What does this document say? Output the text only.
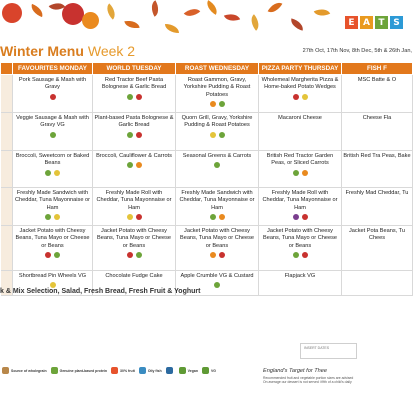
E A T S
Winter Menu Week 2	27th Oct, 17th Nov, 8th Dec, 5th & 26th Jan,
	FAVOURITES MONDAY	WORLD TUESDAY	ROAST WEDNESDAY	PIZZA PARTY THURSDAY	FISH F

	Pork Sausage & Mash with Gravy	Red Tractor Beef Pasta Bolognese & Garlic Bread	Roast Gammon, Gravy, Yorkshire Pudding & Roast Potatoes	Wholemeal Margherita Pizza & Home-baked Potato Wedges	MSC Batte & O

	Veggie Sausage & Mash with Gravy VG	Plant-based Pasta Bolognese & Garlic Bread	Quorn Grill, Gravy, Yorkshire Pudding & Roast Potatoes	Macaroni Cheese	Cheese Fla

	Broccoli, Sweetcorn or Baked Beans	Broccoli, Cauliflower & Carrots	Seasonal Greens & Carrots	British Red Tractor Garden Peas, or Sliced Carrots	British Red Tra Peas, Bake

	Freshly Made Sandwich with Cheddar, Tuna Mayonnaise or Ham	Freshly Made Roll with Cheddar, Tuna Mayonnaise or Ham	Freshly Made Sandwich with Cheddar, Tuna Mayonnaise or Ham	Freshly Made Roll with Cheddar, Tuna Mayonnaise or Ham	Freshly Mad Cheddar, Tu

	Jacket Potato with Cheesy Beans, Tuna Mayo or Cheese or Beans	Jacket Potato with Cheesy Beans, Tuna Mayo or Cheese or Beans	Jacket Potato with Cheesy Beans, Tuna Mayo or Cheese or Beans	Jacket Potato with Cheesy Beans, Tuna Mayo or Cheese or Beans	Jacket Pota Beans, Tu Chees

	Shortbread Pin Wheels VG	Chocolate Fudge Cake	Apple Crumble VG & Custard	Flapjack VG	

k & Mix Selection, Salad, Fresh Bread, Fresh Fruit & Yoghurt
INSERT DATES
Source of wholegrain	Genuine plant-based protein	30% fruit	Oily fish	Vegan	VG	England's Target for Thee
Recommended fruit and vegetable portion sizes are advised
On average our dessert is not served i fifth of a child's daily
